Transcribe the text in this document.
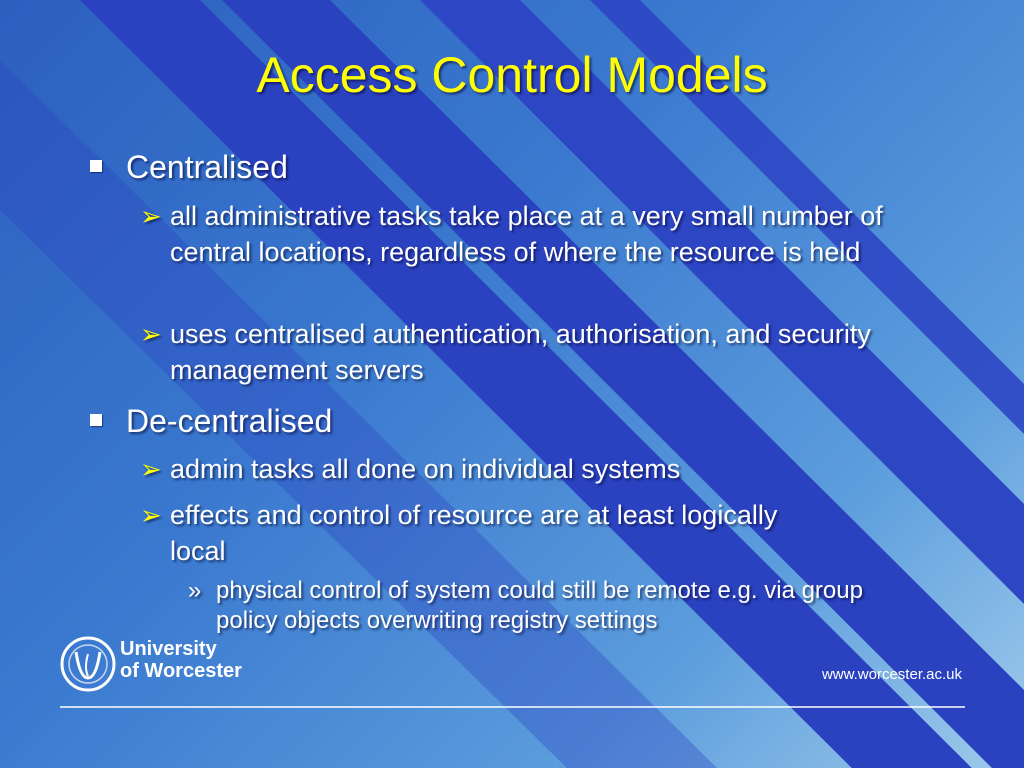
Access Control Models
Centralised
➢ all administrative tasks take place at a very small number of central locations, regardless of where the resource is held
➢ uses centralised authentication, authorisation, and security management servers
De-centralised
➢ admin tasks all done on individual systems
➢ effects and control of resource are at least logically local
» physical control of system could still be remote e.g. via group policy objects overwriting registry settings
University
of Worcester	www.worcester.ac.uk
